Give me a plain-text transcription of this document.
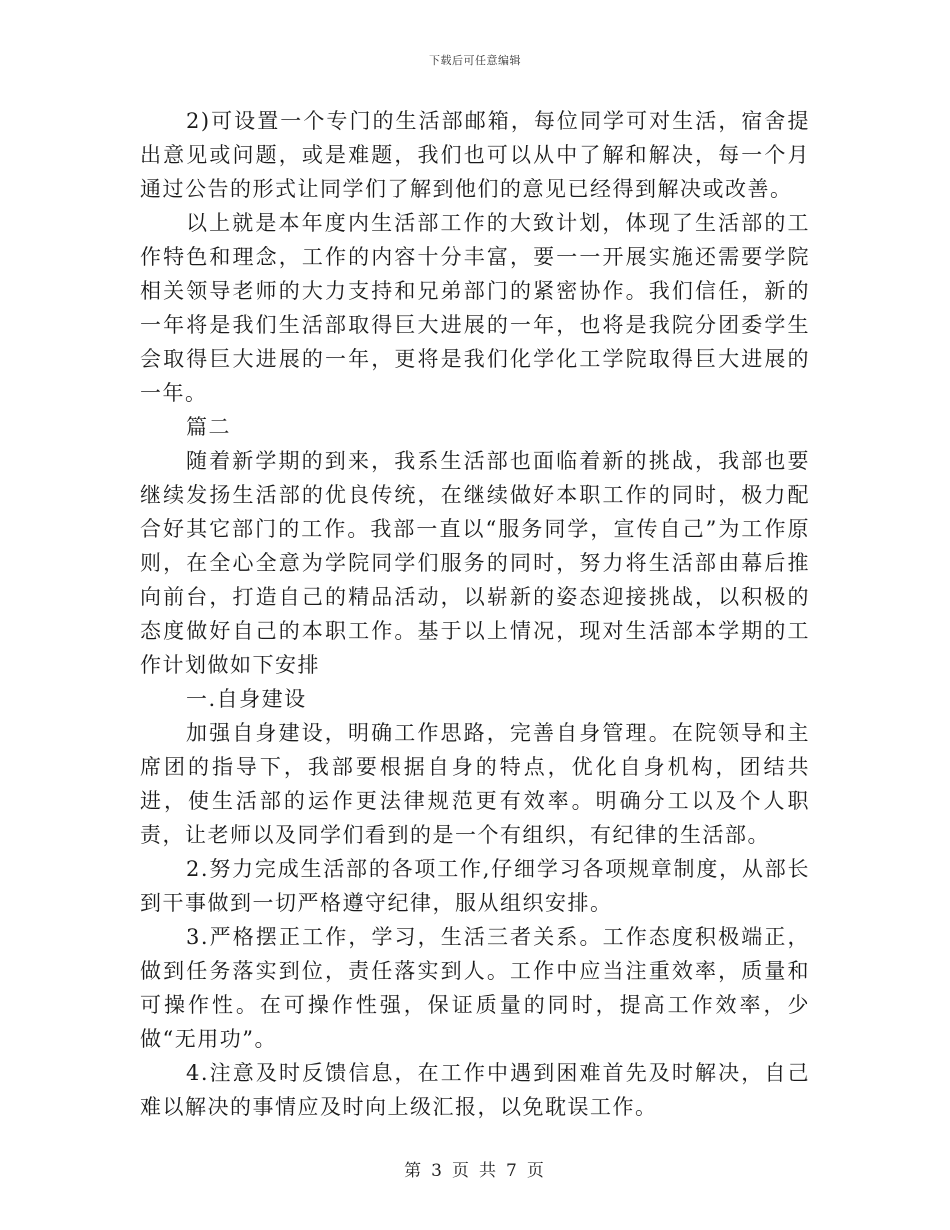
下载后可任意编辑

2)可设置一个专门的生活部邮箱，每位同学可对生活，宿舍提出意见或问题，或是难题，我们也可以从中了解和解决，每一个月通过公告的形式让同学们了解到他们的意见已经得到解决或改善。

以上就是本年度内生活部工作的大致计划，体现了生活部的工作特色和理念，工作的内容十分丰富，要一一开展实施还需要学院相关领导老师的大力支持和兄弟部门的紧密协作。我们信任，新的一年将是我们生活部取得巨大进展的一年，也将是我院分团委学生会取得巨大进展的一年，更将是我们化学化工学院取得巨大进展的一年。

篇二

随着新学期的到来，我系生活部也面临着新的挑战，我部也要继续发扬生活部的优良传统，在继续做好本职工作的同时，极力配合好其它部门的工作。我部一直以“服务同学，宣传自己”为工作原则，在全心全意为学院同学们服务的同时，努力将生活部由幕后推向前台，打造自己的精品活动，以崭新的姿态迎接挑战，以积极的态度做好自己的本职工作。基于以上情况，现对生活部本学期的工作计划做如下安排

一.自身建设

加强自身建设，明确工作思路，完善自身管理。在院领导和主席团的指导下，我部要根据自身的特点，优化自身机构，团结共进，使生活部的运作更法律规范更有效率。明确分工以及个人职责，让老师以及同学们看到的是一个有组织，有纪律的生活部。

2.努力完成生活部的各项工作,仔细学习各项规章制度，从部长到干事做到一切严格遵守纪律，服从组织安排。

3.严格摆正工作，学习，生活三者关系。工作态度积极端正，做到任务落实到位，责任落实到人。工作中应当注重效率，质量和可操作性。在可操作性强，保证质量的同时，提高工作效率，少做“无用功”。

4.注意及时反馈信息，在工作中遇到困难首先及时解决，自己难以解决的事情应及时向上级汇报，以免耽误工作。

第 3 页 共 7 页
